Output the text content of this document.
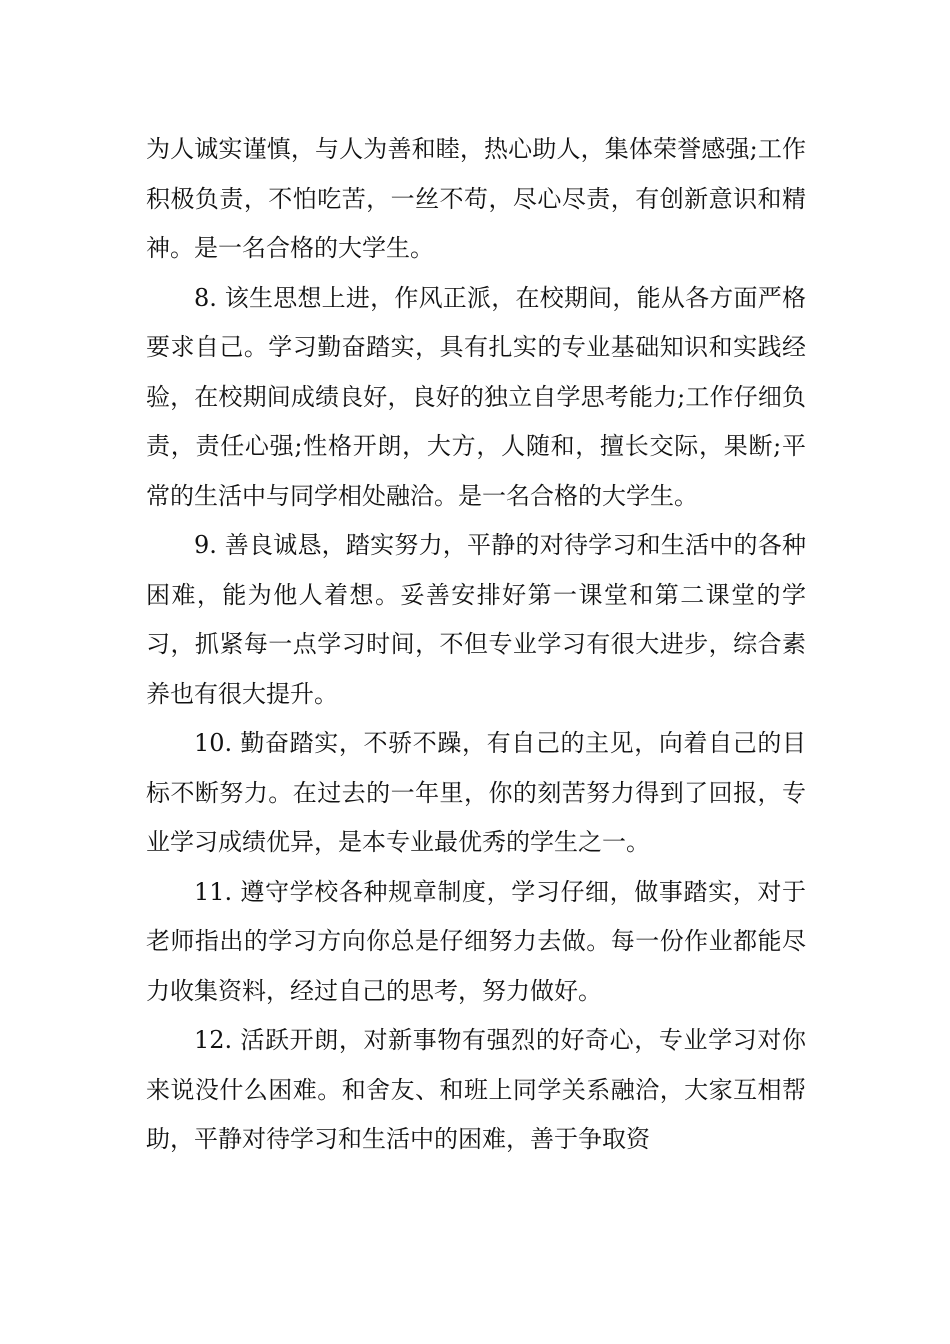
为人诚实谨慎，与人为善和睦，热心助人，集体荣誉感强;工作积极负责，不怕吃苦，一丝不苟，尽心尽责，有创新意识和精神。是一名合格的大学生。

8. 该生思想上进，作风正派，在校期间，能从各方面严格要求自己。学习勤奋踏实，具有扎实的专业基础知识和实践经验，在校期间成绩良好，良好的独立自学思考能力;工作仔细负责，责任心强;性格开朗，大方，人随和，擅长交际，果断;平常的生活中与同学相处融洽。是一名合格的大学生。

9. 善良诚恳，踏实努力，平静的对待学习和生活中的各种困难，能为他人着想。妥善安排好第一课堂和第二课堂的学习，抓紧每一点学习时间，不但专业学习有很大进步，综合素养也有很大提升。

10. 勤奋踏实，不骄不躁，有自己的主见，向着自己的目标不断努力。在过去的一年里，你的刻苦努力得到了回报，专业学习成绩优异，是本专业最优秀的学生之一。

11. 遵守学校各种规章制度，学习仔细，做事踏实，对于老师指出的学习方向你总是仔细努力去做。每一份作业都能尽力收集资料，经过自己的思考，努力做好。

12. 活跃开朗，对新事物有强烈的好奇心，专业学习对你来说没什么困难。和舍友、和班上同学关系融洽，大家互相帮助，平静对待学习和生活中的困难，善于争取资
